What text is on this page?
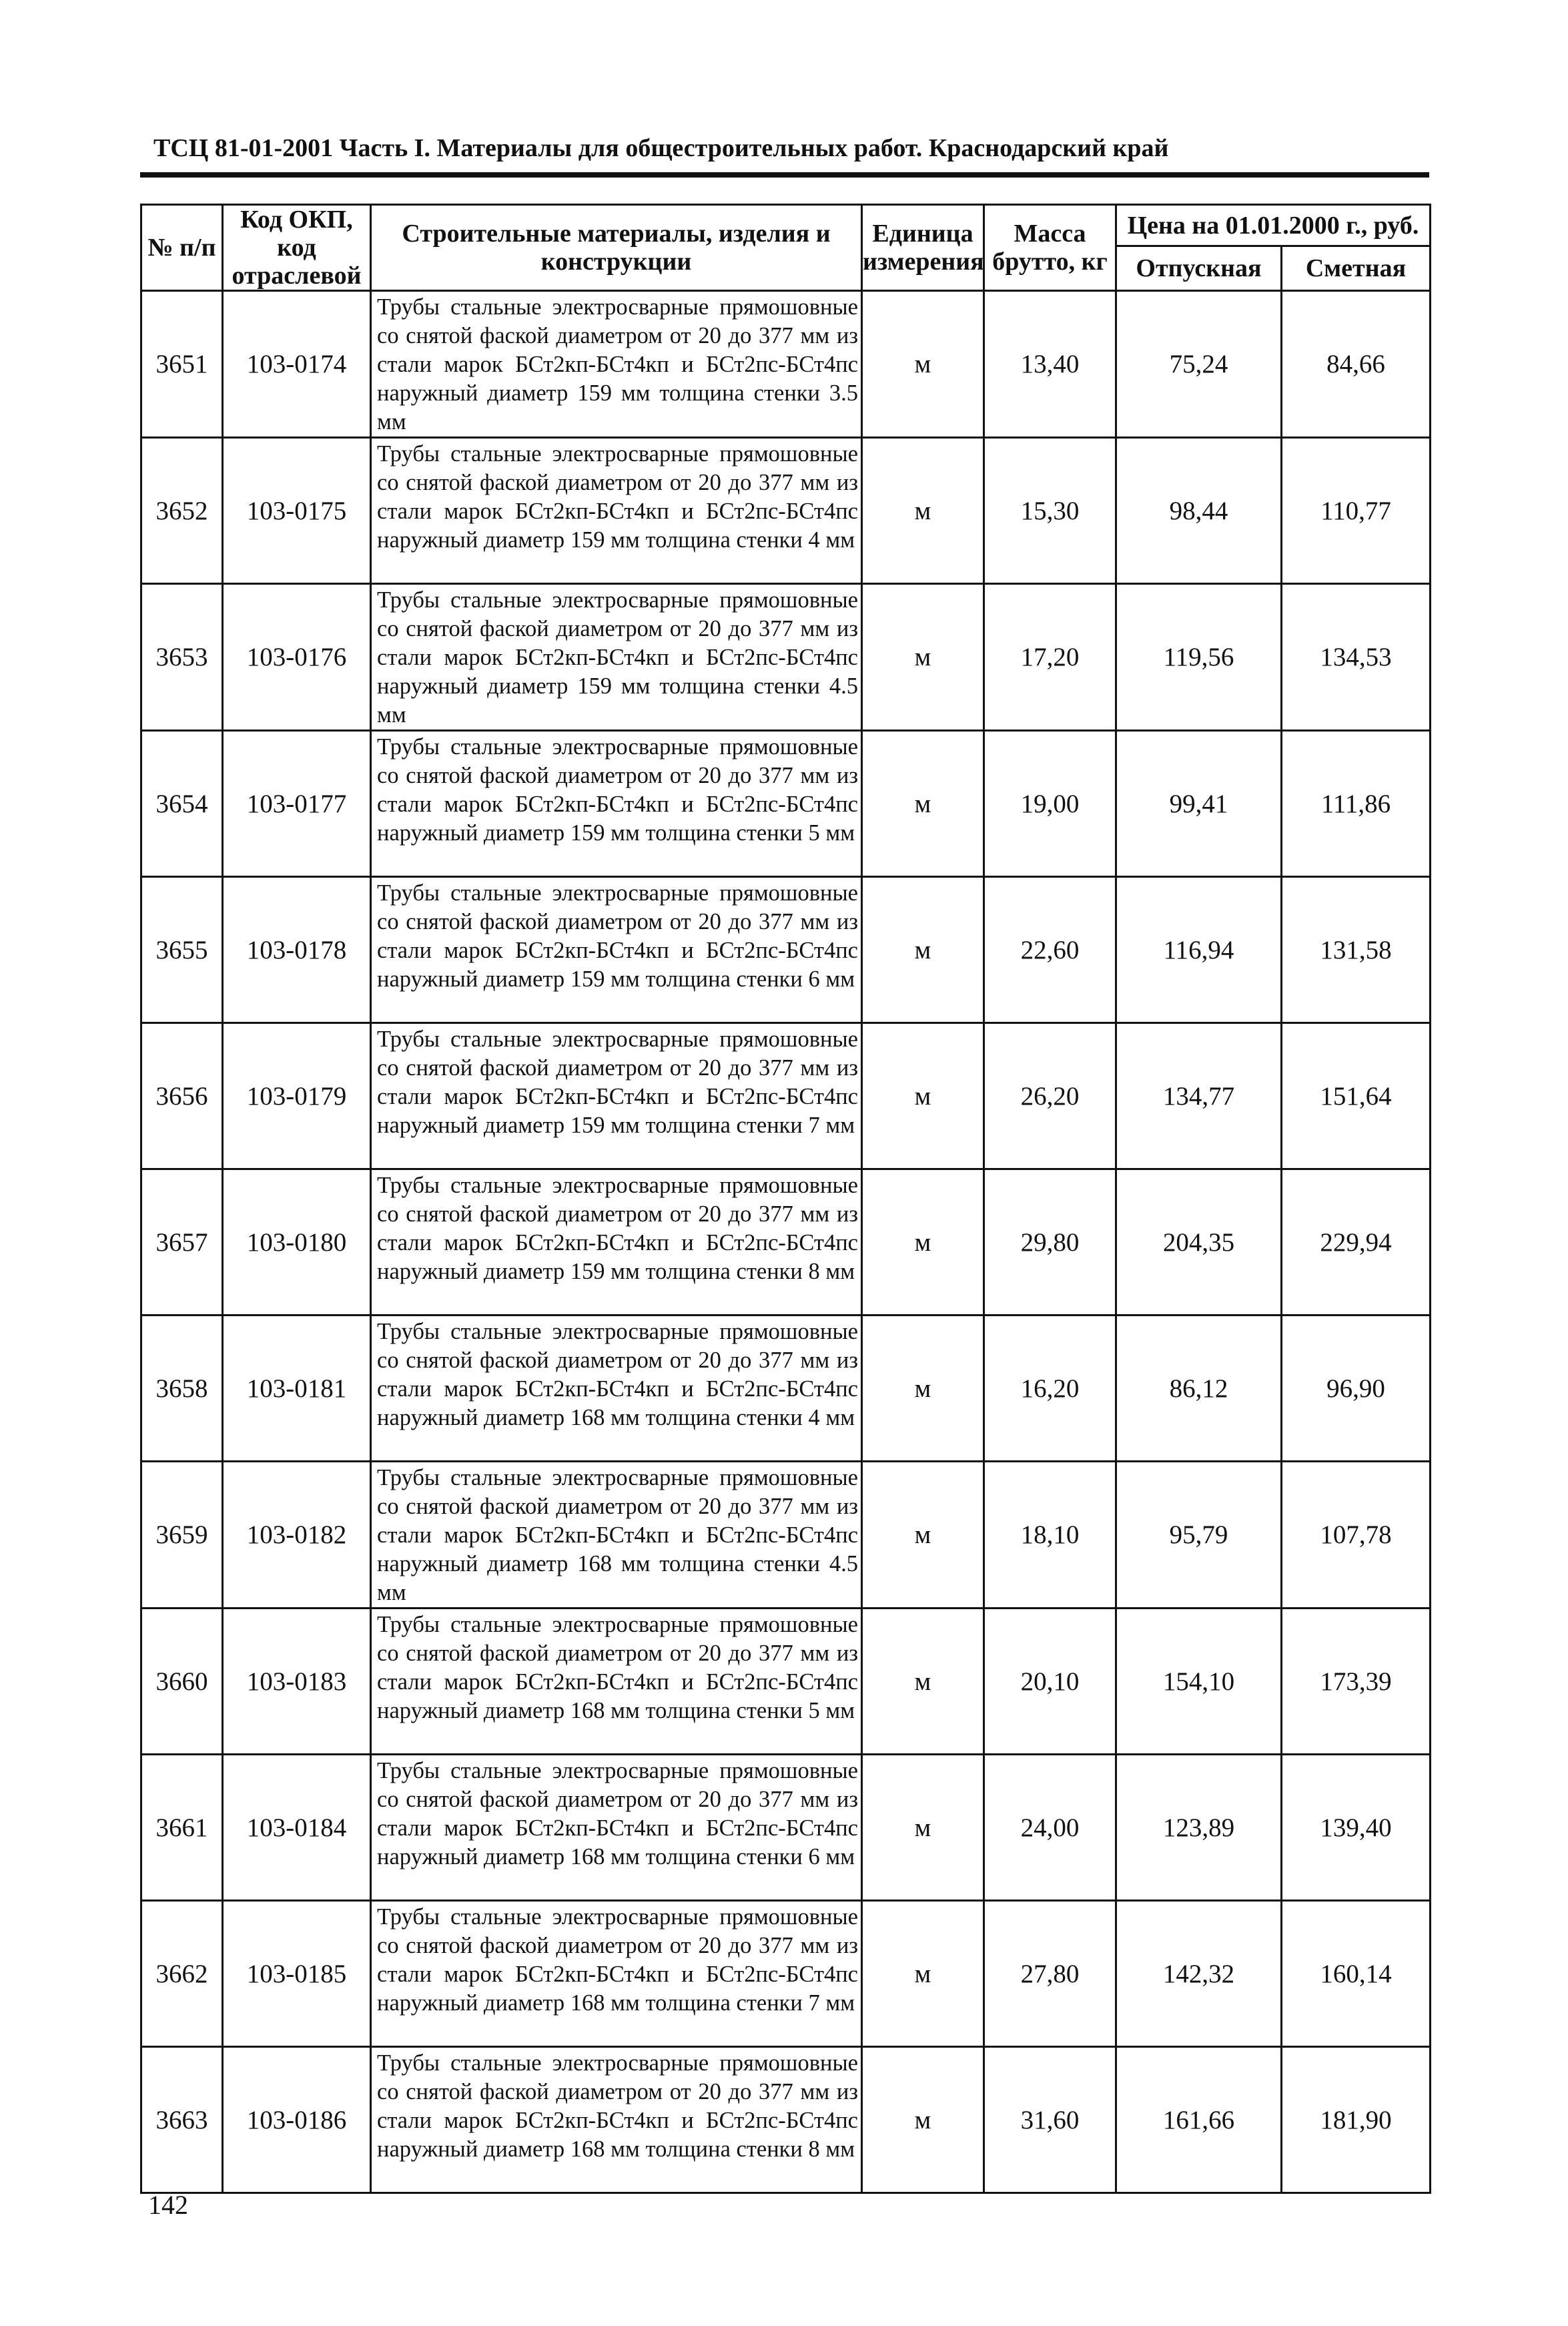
ТСЦ 81-01-2001 Часть I. Материалы для общестроительных работ. Краснодарский край
№ п/п	Код ОКП, код отраслевой	Строительные материалы, изделия и конструкции	Единица измерения	Масса брутто, кг	Цена на 01.01.2000 г., руб.	
					Отпускная	Сметная
3651	103-0174	Трубы стальные электросварные прямошовные со снятой фаской диаметром от 20 до 377 мм из стали марок БСт2кп-БСт4кп и БСт2пс-БСт4пс наружный диаметр 159 мм толщина стенки 3.5 мм	м	13,40	75,24	84,66
3652	103-0175	Трубы стальные электросварные прямошовные со снятой фаской диаметром от 20 до 377 мм из стали марок БСт2кп-БСт4кп и БСт2пс-БСт4пс наружный диаметр 159 мм толщина стенки 4 мм	м	15,30	98,44	110,77
3653	103-0176	Трубы стальные электросварные прямошовные со снятой фаской диаметром от 20 до 377 мм из стали марок БСт2кп-БСт4кп и БСт2пс-БСт4пс наружный диаметр 159 мм толщина стенки 4.5 мм	м	17,20	119,56	134,53
3654	103-0177	Трубы стальные электросварные прямошовные со снятой фаской диаметром от 20 до 377 мм из стали марок БСт2кп-БСт4кп и БСт2пс-БСт4пс наружный диаметр 159 мм толщина стенки 5 мм	м	19,00	99,41	111,86
3655	103-0178	Трубы стальные электросварные прямошовные со снятой фаской диаметром от 20 до 377 мм из стали марок БСт2кп-БСт4кп и БСт2пс-БСт4пс наружный диаметр 159 мм толщина стенки 6 мм	м	22,60	116,94	131,58
3656	103-0179	Трубы стальные электросварные прямошовные со снятой фаской диаметром от 20 до 377 мм из стали марок БСт2кп-БСт4кп и БСт2пс-БСт4пс наружный диаметр 159 мм толщина стенки 7 мм	м	26,20	134,77	151,64
3657	103-0180	Трубы стальные электросварные прямошовные со снятой фаской диаметром от 20 до 377 мм из стали марок БСт2кп-БСт4кп и БСт2пс-БСт4пс наружный диаметр 159 мм толщина стенки 8 мм	м	29,80	204,35	229,94
3658	103-0181	Трубы стальные электросварные прямошовные со снятой фаской диаметром от 20 до 377 мм из стали марок БСт2кп-БСт4кп и БСт2пс-БСт4пс наружный диаметр 168 мм толщина стенки 4 мм	м	16,20	86,12	96,90
3659	103-0182	Трубы стальные электросварные прямошовные со снятой фаской диаметром от 20 до 377 мм из стали марок БСт2кп-БСт4кп и БСт2пс-БСт4пс наружный диаметр 168 мм толщина стенки 4.5 мм	м	18,10	95,79	107,78
3660	103-0183	Трубы стальные электросварные прямошовные со снятой фаской диаметром от 20 до 377 мм из стали марок БСт2кп-БСт4кп и БСт2пс-БСт4пс наружный диаметр 168 мм толщина стенки 5 мм	м	20,10	154,10	173,39
3661	103-0184	Трубы стальные электросварные прямошовные со снятой фаской диаметром от 20 до 377 мм из стали марок БСт2кп-БСт4кп и БСт2пс-БСт4пс наружный диаметр 168 мм толщина стенки 6 мм	м	24,00	123,89	139,40
3662	103-0185	Трубы стальные электросварные прямошовные со снятой фаской диаметром от 20 до 377 мм из стали марок БСт2кп-БСт4кп и БСт2пс-БСт4пс наружный диаметр 168 мм толщина стенки 7 мм	м	27,80	142,32	160,14
3663	103-0186	Трубы стальные электросварные прямошовные со снятой фаской диаметром от 20 до 377 мм из стали марок БСт2кп-БСт4кп и БСт2пс-БСт4пс наружный диаметр 168 мм толщина стенки 8 мм	м	31,60	161,66	181,90
142
